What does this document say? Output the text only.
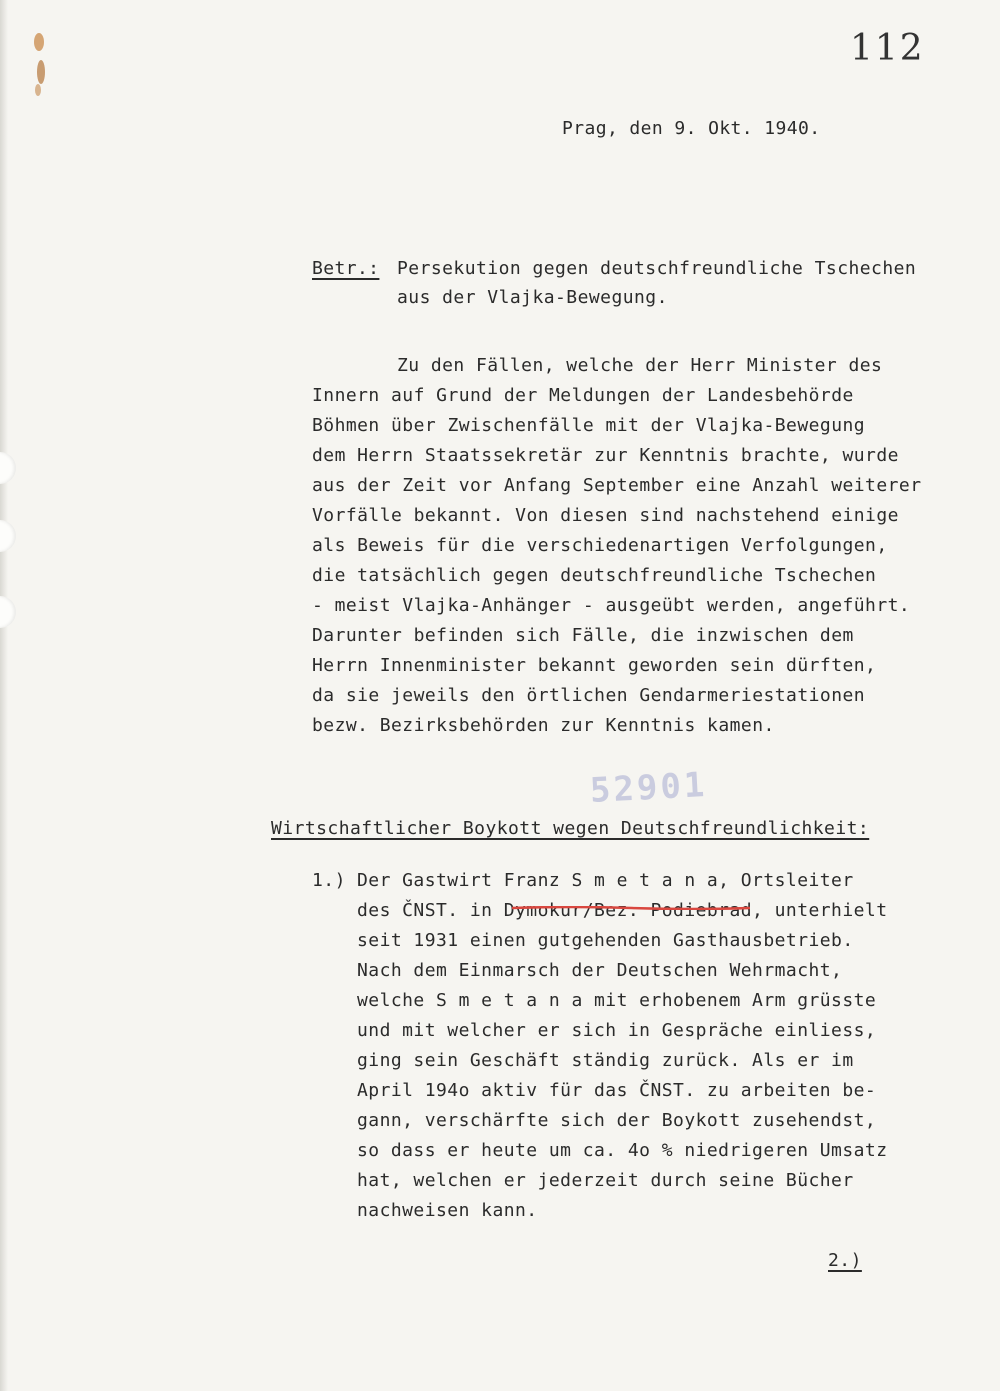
112
Prag, den 9. Okt. 1940.
Betr.: Persekution gegen deutschfreundliche Tschechen
aus der Vlajka-Bewegung.
Zu den Fällen, welche der Herr Minister des
Innern auf Grund der Meldungen der Landesbehörde
Böhmen über Zwischenfälle mit der Vlajka-Bewegung
dem Herrn Staatssekretär zur Kenntnis brachte, wurde
aus der Zeit vor Anfang September eine Anzahl weiterer
Vorfälle bekannt. Von diesen sind nachstehend einige
als Beweis für die verschiedenartigen Verfolgungen,
die tatsächlich gegen deutschfreundliche Tschechen
- meist Vlajka-Anhänger - ausgeübt werden, angeführt.
Darunter befinden sich Fälle, die inzwischen dem
Herrn Innenminister bekannt geworden sein dürften,
da sie jeweils den örtlichen Gendarmeriestationen
bezw. Bezirksbehörden zur Kenntnis kamen.
52901
Wirtschaftlicher Boykott wegen Deutschfreundlichkeit:
1.) Der Gastwirt Franz S m e t a n a, Ortsleiter
des ČNST. in Dymokur/Bez. Podiebrad, unterhielt
seit 1931 einen gutgehenden Gasthausbetrieb.
Nach dem Einmarsch der Deutschen Wehrmacht,
welche S m e t a n a mit erhobenem Arm grüsste
und mit welcher er sich in Gespräche einliess,
ging sein Geschäft ständig zurück. Als er im
April 194o aktiv für das ČNST. zu arbeiten be-
gann, verschärfte sich der Boykott zusehendst,
so dass er heute um ca. 4o % niedrigeren Umsatz
hat, welchen er jederzeit durch seine Bücher
nachweisen kann.
2.)
